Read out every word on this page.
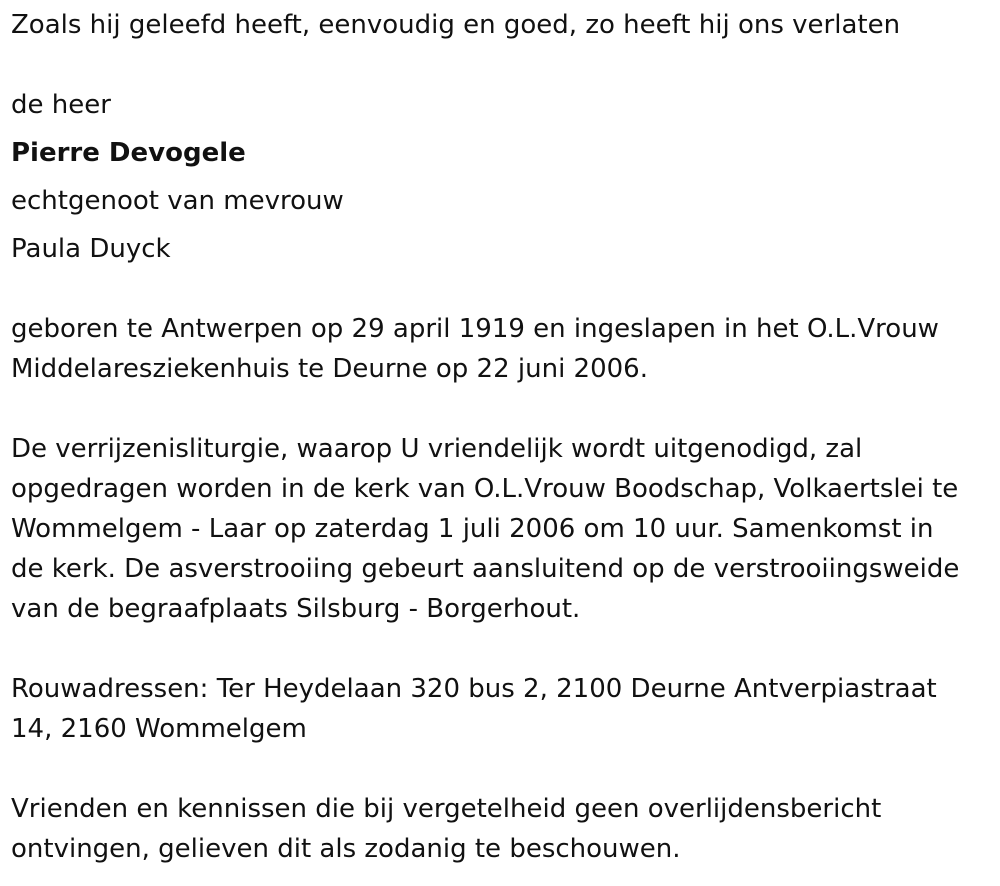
Zoals hij geleefd heeft, eenvoudig en goed, zo heeft hij ons verlaten
de heer
Pierre Devogele
echtgenoot van mevrouw
Paula Duyck
geboren te Antwerpen op 29 april 1919 en ingeslapen in het O.L.Vrouw
Middelaresziekenhuis te Deurne op 22 juni 2006.
De verrijzenisliturgie, waarop U vriendelijk wordt uitgenodigd, zal
opgedragen worden in de kerk van O.L.Vrouw Boodschap, Volkaertslei te
Wommelgem - Laar op zaterdag 1 juli 2006 om 10 uur. Samenkomst in
de kerk. De asverstrooiing gebeurt aansluitend op de verstrooiingsweide
van de begraafplaats Silsburg - Borgerhout.
Rouwadressen: Ter Heydelaan 320 bus 2, 2100 Deurne Antverpiastraat
14, 2160 Wommelgem
Vrienden en kennissen die bij vergetelheid geen overlijdensbericht
ontvingen, gelieven dit als zodanig te beschouwen.
